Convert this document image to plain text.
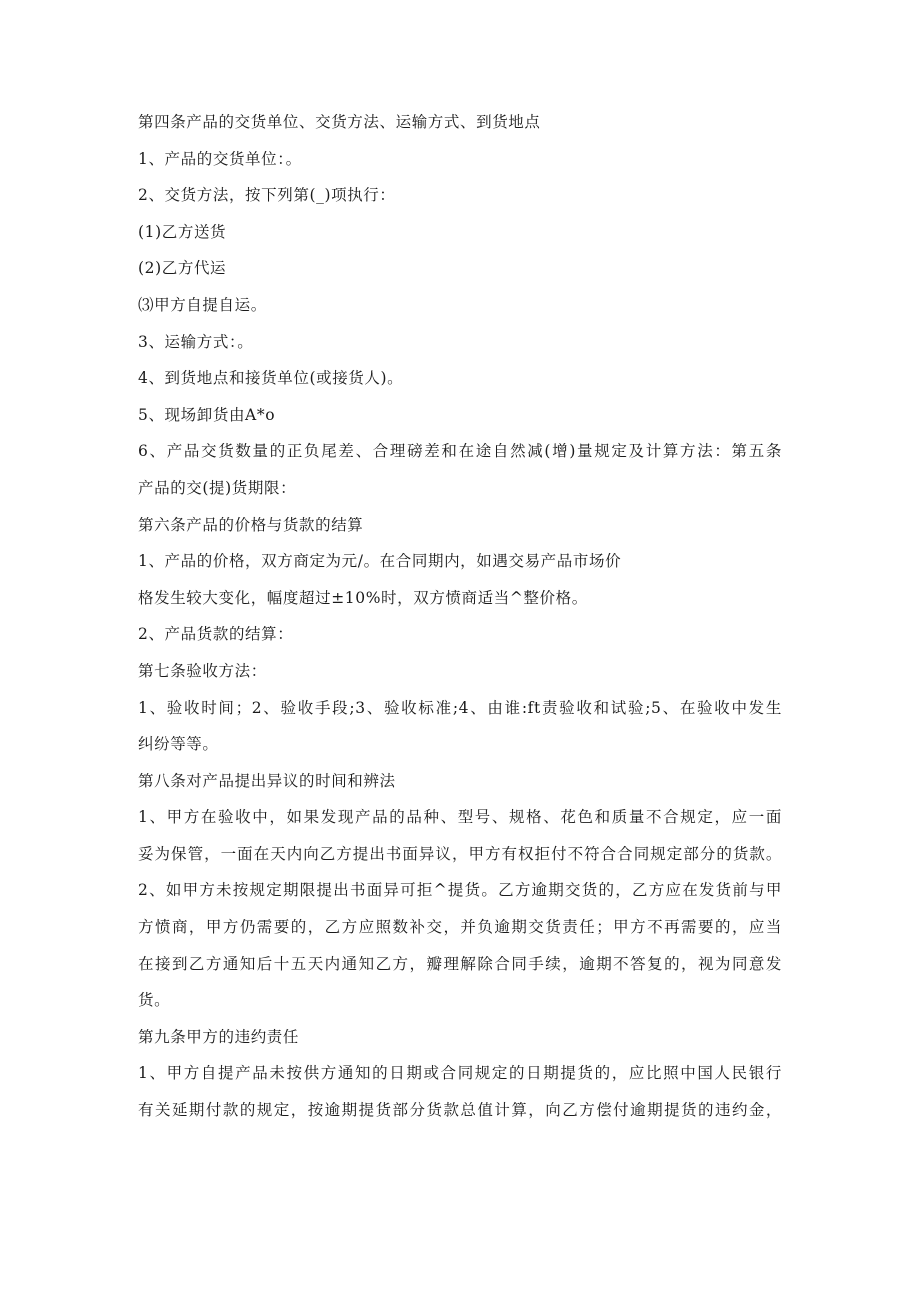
第四条产品的交货单位、交货方法、运输方式、到货地点
1、产品的交货单位：。
2、交货方法，按下列第(_)项执行：
(1)乙方送货
(2)乙方代运
⑶甲方自提自运。
3、运输方式：。
4、到货地点和接货单位(或接货人)。
5、现场卸货由A*o
6、产品交货数量的正负尾差、合理磅差和在途自然减(增)量规定及计算方法：第五条
产品的交(提)货期限：
第六条产品的价格与货款的结算
1、产品的价格，双方商定为元/。在合同期内，如遇交易产品市场价
格发生较大变化，幅度超过±10%时，双方愤商适当^整价格。
2、产品货款的结算：
第七条验收方法：
1、验收时间；2、验收手段;3、验收标准;4、由谁:ft责验收和试验;5、在验收中发生
纠纷等等。
第八条对产品提出异议的时间和辨法
1、甲方在验收中，如果发现产品的品种、型号、规格、花色和质量不合规定，应一面
妥为保管，一面在天内向乙方提出书面异议，甲方有权拒付不符合合同规定部分的货款。
2、如甲方未按规定期限提出书面异可拒^提货。乙方逾期交货的，乙方应在发货前与甲
方愤商，甲方仍需要的，乙方应照数补交，并负逾期交货责任；甲方不再需要的，应当
在接到乙方通知后十五天内通知乙方，瓣理解除合同手续，逾期不答复的，视为同意发
货。
第九条甲方的违约责任
1、甲方自提产品未按供方通知的日期或合同规定的日期提货的，应比照中国人民银行
有关延期付款的规定，按逾期提货部分货款总值计算，向乙方偿付逾期提货的违约金，
